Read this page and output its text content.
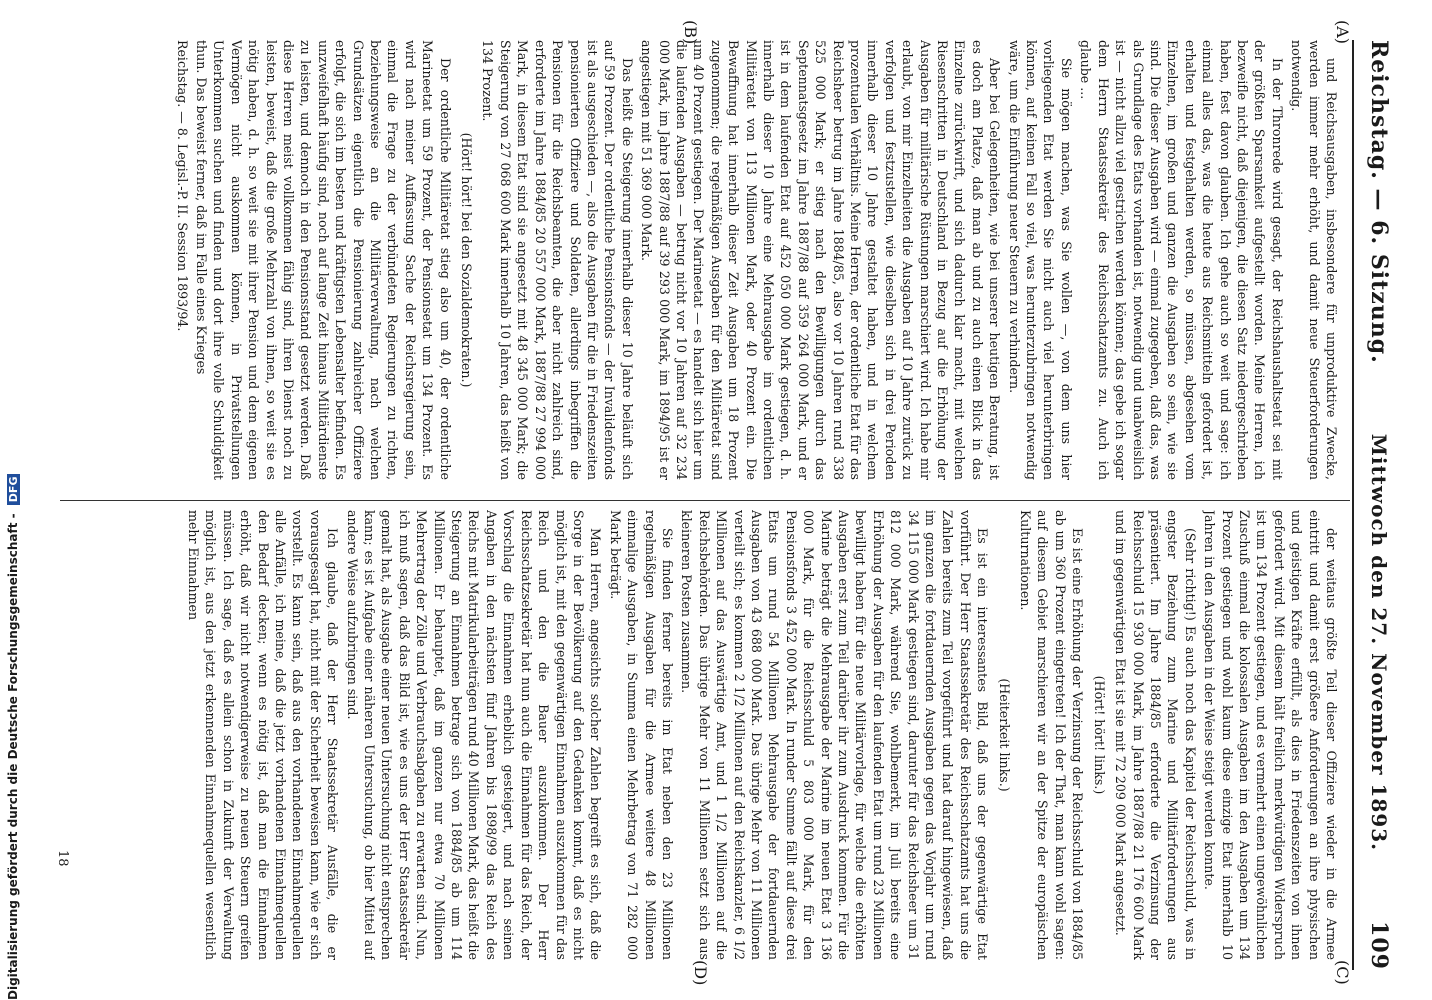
Reichstag. — 6. Sitzung.
Mittwoch den 27. November 1893.
109
(A)
(B)
(C)
(D)

und Reichsausgaben, insbesondere für unproduktive Zwecke, werden immer mehr erhöht, und damit neue Steuerforderungen notwendig.

In der Thronrede wird gesagt, der Reichshaushaltsetat sei mit der größten Sparsamkeit aufgestellt worden. Meine Herren, ich bezweifle nicht, daß diejenigen, die diesen Satz niedergeschrieben haben, fest davon glauben. Ich gehe auch so weit und sage: ich einmal alles das, was die heute aus Reichsmitteln gefordert ist, erhalten und festgehalten werden, so müssen, abgesehen vom Einzelnen, im großen und ganzen die Ausgaben so sein, wie sie sind. Die dieser Ausgaben wird — einmal zugegeben, daß das, was als Grundlage des Etats vorhanden ist, notwendig und unabweislich ist — nicht allzu viel gestrichen werden können; das gebe ich sogar dem Herrn Staatssekretär des Reichsschatzamts zu. Auch ich glaube ...

Sie mögen machen, was Sie wollen —, von dem uns hier vorliegenden Etat werden Sie nicht auch viel herunterbringen können, auf keinen Fall so viel, was herunterzubringen notwendig wäre, um die Einführung neuer Steuern zu verhindern.

Aber bei Gelegenheiten, wie bei unserer heutigen Beratung, ist es doch am Platze, daß man ab und zu auch einen Blick in das Einzelne zurückwirft, und sich dadurch klar macht, mit welchen Riesenschritten in Deutschland in Bezug auf die Erhöhung der Ausgaben für militärische Rüstungen marschiert wird. Ich habe mir erlaubt, von mir Einzelheiten die Ausgaben auf 10 Jahre zurück zu verfolgen und festzustellen, wie dieselben sich in drei Perioden innerhalb dieser 10 Jahre gestaltet haben, und in welchem prozentualen Verhältnis. Meine Herren, der ordentliche Etat für das Reichsheer betrug im Jahre 1884/85, also vor 10 Jahren rund 338 525 000 Mark; er stieg nach den Bewilligungen durch das Septennatsgesetz im Jahre 1887/88 auf 359 264 000 Mark, und er ist in dem laufenden Etat auf 452 050 000 Mark gestiegen, d. h. innerhalb dieser 10 Jahre eine Mehrausgabe im ordentlichen Militäretat von 113 Millionen Mark, oder 40 Prozent ein. Die Bewaffnung hat innerhalb dieser Zeit Ausgaben um 18 Prozent zugenommen; die regelmäßigen Ausgaben für den Militäretat sind um 40 Prozent gestiegen. Der Marineetat — es handelt sich hier um die laufenden Ausgaben — betrug nicht vor 10 Jahren auf 32 234 000 Mark, im Jahre 1887/88 auf 39 293 000 Mark, im 1894/95 ist er angestiegen mit 51 369 000 Mark.

Das heißt die Steigerung innerhalb dieser 10 Jahre beläuft sich auf 59 Prozent. Der ordentliche Pensionsfonds — der Invalidenfonds ist als ausgeschieden —, also die Ausgaben für die in Friedenszeiten pensionierten Offiziere und Soldaten, allerdings inbegriffen die Pensionen für die Reichsbeamten, die aber nicht zahlreich sind, erforderte im Jahre 1884/85 20 557 000 Mark, 1887/88 27 994 000 Mark, in diesem Etat sind sie angesetzt mit 48 345 000 Mark; die Steigerung von 27 068 600 Mark innerhalb 10 Jahren, das heißt von 134 Prozent.

(Hört! hört! bei den Sozialdemokraten.)

Der ordentliche Militäretat stieg also um 40, der ordentliche Marineetat um 59 Prozent, der Pensionsetat um 134 Prozent. Es wird nach meiner Auffassung Sache der Reichsregierung sein, einmal die Frage zu der verbündeten Regierungen zu richten, beziehungsweise an die Militärverwaltung, nach welchen Grundsätzen eigentlich die Pensionierung zahlreicher Offiziere erfolgt, die sich im besten und kräftigsten Lebensalter befinden. Es unzweifelhaft häufig sind, noch auf lange Zeit hinaus Militärdienste zu leisten, und dennoch in den Pensionsstand gesetzt werden. Daß diese Herren meist vollkommen fähig sind, ihren Dienst noch zu leisten, beweist, daß die große Mehrzahl von ihnen, so weit sie es nötig haben, d. h. so weit sie mit ihrer Pension und dem eigenen Vermögen nicht auskommen können, in Privatstellungen Unterkommen suchen und finden und dort ihre volle Schuldigkeit thun. Das beweist ferner, daß im Falle eines Krieges

Reichstag. — 8. Legisl.-P. II. Session 1893/94.

der weitaus größte Teil dieser Offiziere wieder in die Armee eintritt und damit erst größere Anforderungen an ihre physischen und geistigen Kräfte erfüllt, als dies in Friedenszeiten von ihnen gefordert wird. Mit diesem hält freilich merkwürdigen Widerspruch ist um 134 Prozent gestiegen, und es vermehrt einen ungewöhnlichen Zuschuß einmal die kolossalen Ausgaben im den Ausgaben um 134 Prozent gestiegen und wohl kaum diese einzige Etat innerhalb 10 Jahren in den Ausgaben in der Weise steigt werden konnte.

(Sehr richtig!) Es auch noch das Kapitel der Reichsschuld, was in engster Beziehung zum Marine und Militärforderungen aus präsentiert. Im Jahre 1884/85 erforderte die Verzinsung der Reichsschuld 15 930 000 Mark, im Jahre 1887/88 21 176 600 Mark und im gegenwärtigen Etat ist sie mit 72 209 000 Mark angesetzt.

(Hört! hört! links.)

Es ist eine Erhöhung der Verzinsung der Reichsschuld von 1884/85 ab um 360 Prozent eingetreten! Ich der That, man kann wohl sagen: auf diesem Gebiet marschieren wir an der Spitze der europäischen Kulturnationen.

(Heiterkeit links.)

Es ist ein interessantes Bild, daß uns der gegenwärtige Etat vorführt. Der Herr Staatssekretär des Reichsschatzamts hat uns die Zahlen bereits zum Teil vorgeführt und hat darauf hingewiesen, daß im ganzen die fortdauernden Ausgaben gegen das Vorjahr um rund 34 115 000 Mark gestiegen sind, darunter für das Reichsheer um 31 812 000 Mark, während Sie, wohlbemerkt, im Juli bereits eine Erhöhung der Ausgaben für den laufenden Etat um rund 23 Millionen bewilligt haben für die neue Militärvorlage, für welche die erhöhten Ausgaben erst zum Teil darüber ihr zum Ausdruck kommen. Für die Marine beträgt die Mehrausgabe der Marine im neuen Etat 3 136 000 Mark, für die Reichsschuld 5 803 000 Mark, für den Pensionsfonds 3 452 000 Mark. In runder Summe fällt auf diese drei Etats um rund 54 Millionen Mehrausgabe der fortdauernden Ausgaben von 43 688 000 Mark. Das übrige Mehr von 11 Millionen verteilt sich; es kommen 2 1/2 Millionen auf den Reichskanzler, 6 1/2 Millionen auf das Auswärtige Amt, und 1 1/2 Millionen auf die Reichsbehörden. Das übrige Mehr von 11 Millionen setzt sich aus kleineren Posten zusammen.

Sie finden ferner bereits im Etat neben den 23 Millionen regelmäßigen Ausgaben für die Armee weitere 48 Millionen einmalige Ausgaben, in Summa einen Mehrbetrag von 71 282 000 Mark beträgt.

Man Herren, angesichts solcher Zahlen begreift es sich, daß die Sorge in der Bevölkerung auf den Gedanken kommt, daß es nicht möglich ist, mit den gegenwärtigen Einnahmen auszukommen für das Reich und den die Bauer auszukommen. Der Herr Reichsschatzsekretär hat nun auch die Einnahmen für das Reich, der Vorschlag die Einnahmen erheblich gesteigert, und nach seinen Angaben in den nächsten fünf Jahren bis 1898/99 das Reich des Reichs mit Matrikularbeiträgen rund 40 Millionen Mark, das heißt die Steigerung an Einnahmen betrage sich von 1884/85 ab um 114 Millionen. Er behauptet, daß im ganzen nur etwa 70 Millionen Mehrertrag der Zölle und Verbrauchsabgaben zu erwarten sind. Nun, ich muß sagen, daß das Bild ist, wie es uns der Herr Staatssekretär gemalt hat, als Ausgabe einer neuen Untersuchung nicht entsprechen kann; es ist Aufgabe einer näheren Untersuchung, ob hier Mittel auf andere Weise aufzubringen sind.

Ich glaube, daß der Herr Staatssekretär Ausfälle, die er vorausgesagt hat, nicht mit der Sicherheit beweisen kann, wie er sich vorstellt. Es kann sein, daß aus den vorhandenen Einnahmequellen alle Anfälle, ich meine, daß die jetzt vorhandenen Einnahmequellen den Bedarf decken; wenn es nötig ist, daß man die Einnahmen erhöht, daß wir nicht notwendigerweise zu neuen Steuern greifen müssen. Ich sage, daß es allein schon in Zukunft der Verwaltung möglich ist, aus den jetzt erkennenden Einnahmequellen wesentlich mehr Einnahmen

18
Digitalisierung gefördert durch die Deutsche Forschungsgemeinschaft - DFG
